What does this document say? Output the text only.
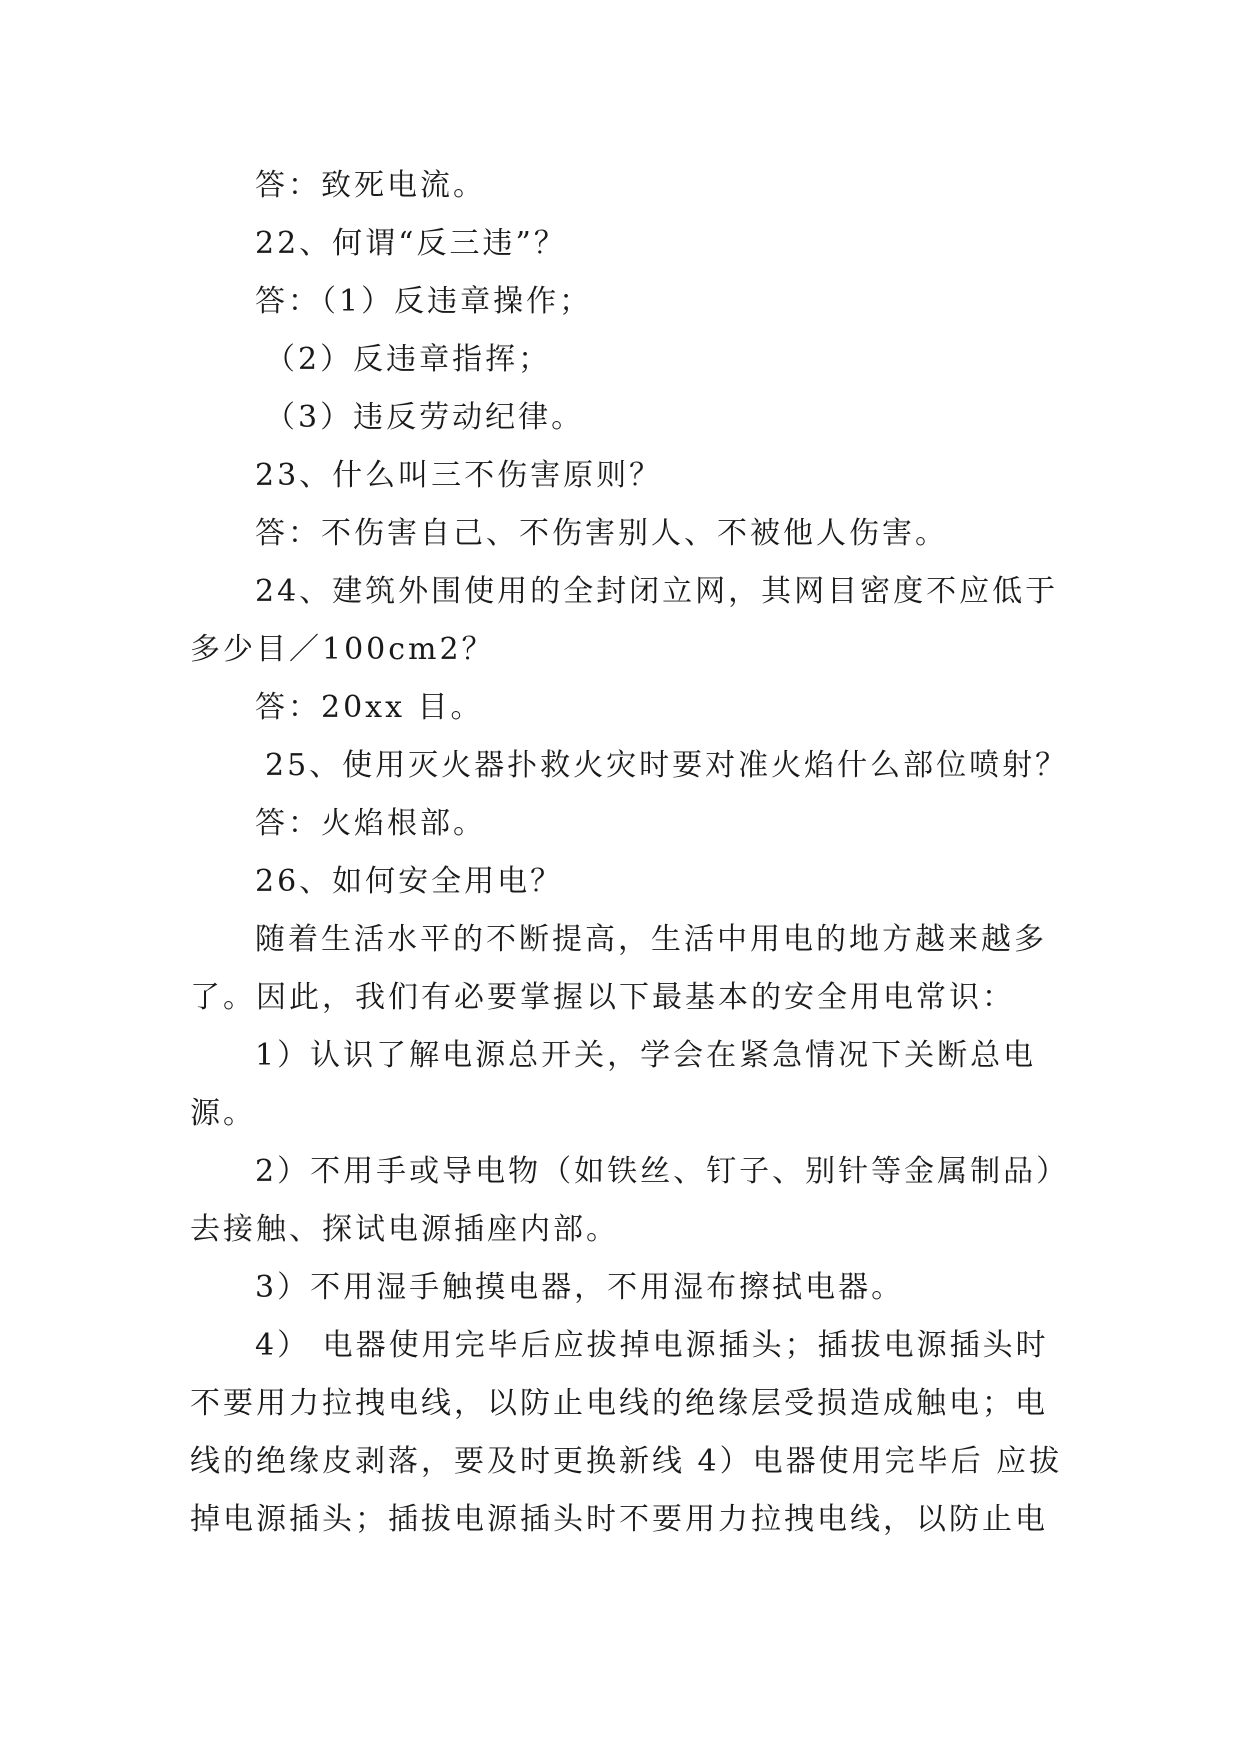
答：致死电流。
22、何谓“反三违”？
答：（1）反违章操作；
（2）反违章指挥；
（3）违反劳动纪律。
23、什么叫三不伤害原则？
答：不伤害自己、不伤害别人、不被他人伤害。
24、建筑外围使用的全封闭立网，其网目密度不应低于
多少目／100cm2？
答：20xx 目。
25、使用灭火器扑救火灾时要对准火焰什么部位喷射？
答：火焰根部。
26、如何安全用电？
随着生活水平的不断提高，生活中用电的地方越来越多
了。因此，我们有必要掌握以下最基本的安全用电常识：
1）认识了解电源总开关，学会在紧急情况下关断总电
源。
2）不用手或导电物（如铁丝、钉子、别针等金属制品）
去接触、探试电源插座内部。
3）不用湿手触摸电器，不用湿布擦拭电器。
4） 电器使用完毕后应拔掉电源插头；插拔电源插头时
不要用力拉拽电线，以防止电线的绝缘层受损造成触电；电
线的绝缘皮剥落，要及时更换新线 4）电器使用完毕后 应拔
掉电源插头；插拔电源插头时不要用力拉拽电线，以防止电
